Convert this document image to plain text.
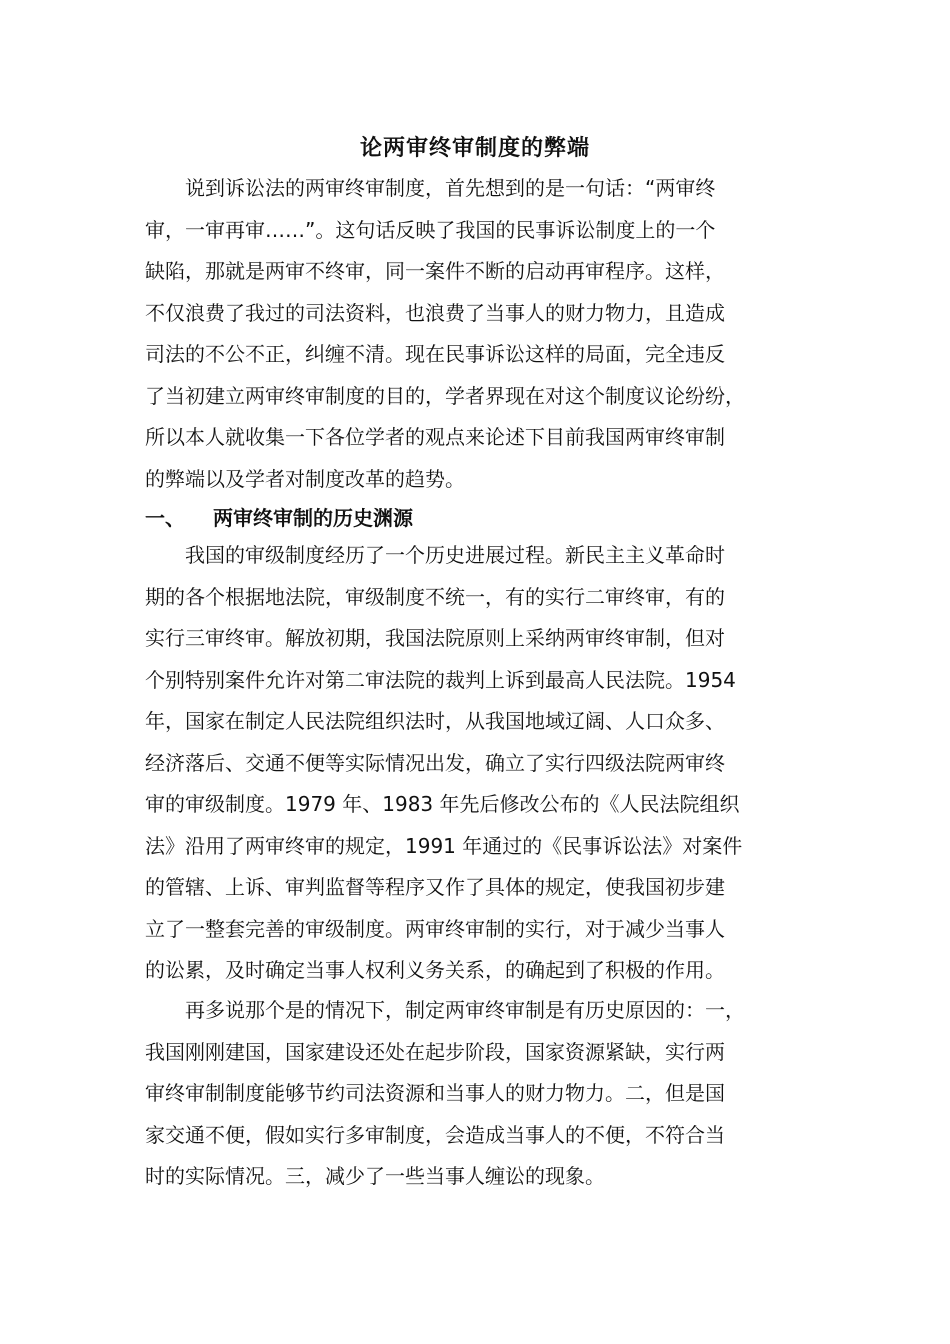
论两审终审制度的弊端
说到诉讼法的两审终审制度，首先想到的是一句话：“两审终
审，一审再审……”。这句话反映了我国的民事诉讼制度上的一个
缺陷，那就是两审不终审，同一案件不断的启动再审程序。这样，
不仅浪费了我过的司法资料，也浪费了当事人的财力物力，且造成
司法的不公不正，纠缠不清。现在民事诉讼这样的局面，完全违反
了当初建立两审终审制度的目的，学者界现在对这个制度议论纷纷，
所以本人就收集一下各位学者的观点来论述下目前我国两审终审制
的弊端以及学者对制度改革的趋势。
一、 两审终审制的历史渊源
我国的审级制度经历了一个历史进展过程。新民主主义革命时
期的各个根据地法院，审级制度不统一，有的实行二审终审，有的
实行三审终审。解放初期，我国法院原则上采纳两审终审制，但对
个别特别案件允许对第二审法院的裁判上诉到最高人民法院。1954
年，国家在制定人民法院组织法时，从我国地域辽阔、人口众多、
经济落后、交通不便等实际情况出发，确立了实行四级法院两审终
审的审级制度。1979 年、1983 年先后修改公布的《人民法院组织
法》沿用了两审终审的规定，1991 年通过的《民事诉讼法》对案件
的管辖、上诉、审判监督等程序又作了具体的规定，使我国初步建
立了一整套完善的审级制度。两审终审制的实行，对于减少当事人
的讼累，及时确定当事人权利义务关系，的确起到了积极的作用。
再多说那个是的情况下，制定两审终审制是有历史原因的：一，
我国刚刚建国，国家建设还处在起步阶段，国家资源紧缺，实行两
审终审制制度能够节约司法资源和当事人的财力物力。二，但是国
家交通不便，假如实行多审制度，会造成当事人的不便，不符合当
时的实际情况。三，减少了一些当事人缠讼的现象。
